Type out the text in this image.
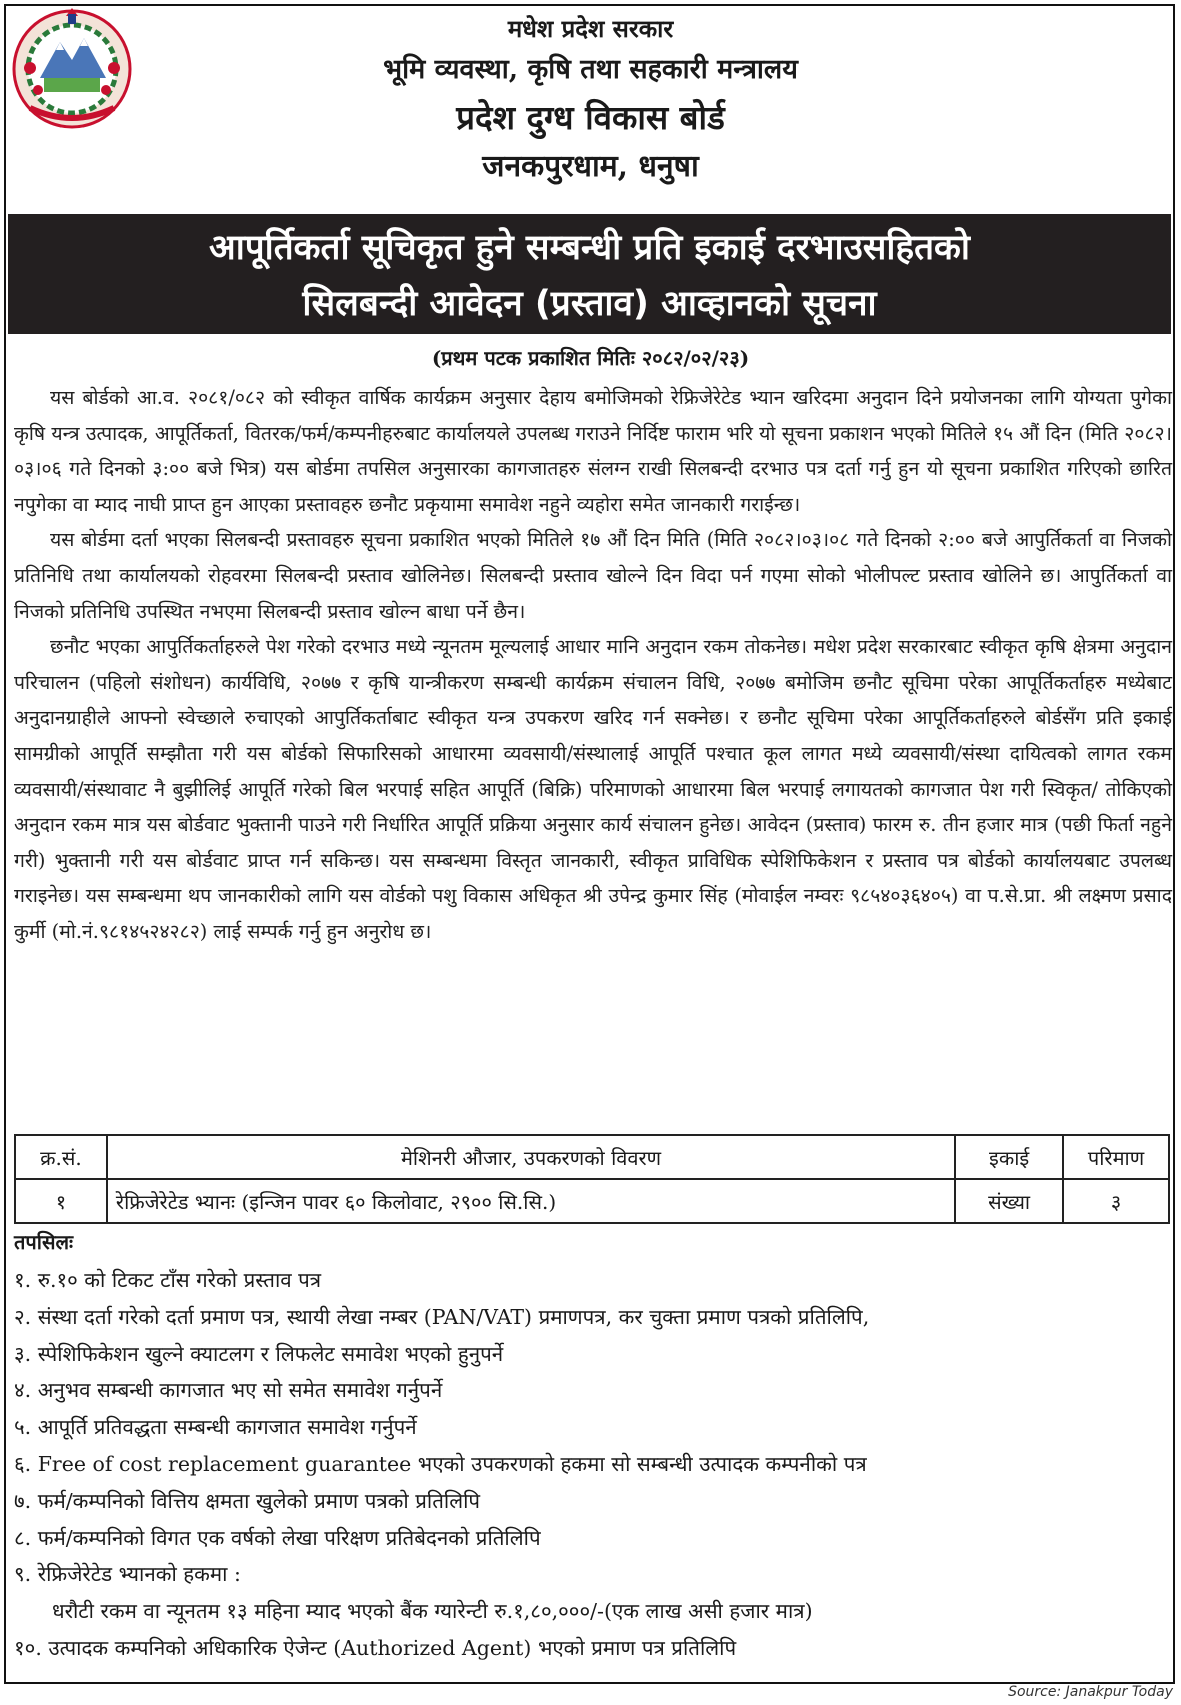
मधेश प्रदेश सरकार
भूमि व्यवस्था, कृषि तथा सहकारी मन्त्रालय
प्रदेश दुग्ध विकास बोर्ड
जनकपुरधाम, धनुषा
आपूर्तिकर्ता सूचिकृत हुने सम्बन्धी प्रति इकाई दरभाउसहितको
सिलबन्दी आवेदन (प्रस्ताव) आव्हानको सूचना
(प्रथम पटक प्रकाशित मितिः २०८२/०२/२३)

यस बोर्डको आ.व. २०८१/०८२ को स्वीकृत वार्षिक कार्यक्रम अनुसार देहाय बमोजिमको रेफ्रिजेरेटेड भ्यान खरिदमा अनुदान दिने प्रयोजनका लागि योग्यता पुगेका कृषि यन्त्र उत्पादक, आपूर्तिकर्ता, वितरक/फर्म/कम्पनीहरुबाट कार्यालयले उपलब्ध गराउने निर्दिष्ट फाराम भरि यो सूचना प्रकाशन भएको मितिले १५ औं दिन (मिति २०८२।०३।०६ गते दिनको ३:०० बजे भित्र) यस बोर्डमा तपसिल अनुसारका कागजातहरु संलग्न राखी सिलबन्दी दरभाउ पत्र दर्ता गर्नु हुन यो सूचना प्रकाशित गरिएको छारित नपुगेका वा म्याद नाघी प्राप्त हुन आएका प्रस्तावहरु छनौट प्रकृयामा समावेश नहुने व्यहोरा समेत जानकारी गराईन्छ।

यस बोर्डमा दर्ता भएका सिलबन्दी प्रस्तावहरु सूचना प्रकाशित भएको मितिले १७ औं दिन मिति (मिति २०८२।०३।०८ गते दिनको २:०० बजे आपुर्तिकर्ता वा निजको प्रतिनिधि तथा कार्यालयको रोहवरमा सिलबन्दी प्रस्ताव खोलिनेछ। सिलबन्दी प्रस्ताव खोल्ने दिन विदा पर्न गएमा सोको भोलीपल्ट प्रस्ताव खोलिने छ। आपुर्तिकर्ता वा निजको प्रतिनिधि उपस्थित नभएमा सिलबन्दी प्रस्ताव खोल्न बाधा पर्ने छैन।

छनौट भएका आपुर्तिकर्ताहरुले पेश गरेको दरभाउ मध्ये न्यूनतम मूल्यलाई आधार मानि अनुदान रकम तोकनेछ। मधेश प्रदेश सरकारबाट स्वीकृत कृषि क्षेत्रमा अनुदान परिचालन (पहिलो संशोधन) कार्यविधि, २०७७ र कृषि यान्त्रीकरण सम्बन्धी कार्यक्रम संचालन विधि, २०७७ बमोजिम छनौट सूचिमा परेका आपूर्तिकर्ताहरु मध्येबाट अनुदानग्राहीले आफ्नो स्वेच्छाले रुचाएको आपुर्तिकर्ताबाट स्वीकृत यन्त्र उपकरण खरिद गर्न सक्नेछ। र छनौट सूचिमा परेका आपूर्तिकर्ताहरुले बोर्डसँग प्रति इकाई सामग्रीको आपूर्ति सम्झौता गरी यस बोर्डको सिफारिसको आधारमा व्यवसायी/संस्थालाई आपूर्ति पश्चात कूल लागत मध्ये व्यवसायी/संस्था दायित्वको लागत रकम व्यवसायी/संस्थावाट नै बुझीलिई आपूर्ति गरेको बिल भरपाई सहित आपूर्ति (बिक्रि) परिमाणको आधारमा बिल भरपाई लगायतको कागजात पेश गरी स्विकृत/ तोकिएको अनुदान रकम मात्र यस बोर्डवाट भुक्तानी पाउने गरी निर्धारित आपूर्ति प्रक्रिया अनुसार कार्य संचालन हुनेछ। आवेदन (प्रस्ताव) फारम रु. तीन हजार मात्र (पछी फिर्ता नहुने गरी) भुक्तानी गरी यस बोर्डवाट प्राप्त गर्न सकिन्छ। यस सम्बन्धमा विस्तृत जानकारी, स्वीकृत प्राविधिक स्पेशिफिकेशन र प्रस्ताव पत्र बोर्डको कार्यालयबाट उपलब्ध गराइनेछ। यस सम्बन्धमा थप जानकारीको लागि यस वोर्डको पशु विकास अधिकृत श्री उपेन्द्र कुमार सिंह (मोवाईल नम्वरः ९८५४०३६४०५) वा प.से.प्रा. श्री लक्ष्मण प्रसाद कुर्मी (मो.नं.९८१४५२४२८२) लाई सम्पर्क गर्नु हुन अनुरोध छ।

क्र.सं.	मेशिनरी औजार, उपकरणको विवरण	इकाई	परिमाण
१	रेफ्रिजेरेटेड भ्यानः (इन्जिन पावर ६० किलोवाट, २९०० सि.सि.)	संख्या	३
तपसिलः
१. रु.१० को टिकट टाँस गरेको प्रस्ताव पत्र
२. संस्था दर्ता गरेको दर्ता प्रमाण पत्र, स्थायी लेखा नम्बर (PAN/VAT) प्रमाणपत्र, कर चुक्ता प्रमाण पत्रको प्रतिलिपि,
३. स्पेशिफिकेशन खुल्ने क्याटलग र लिफलेट समावेश भएको हुनुपर्ने
४. अनुभव सम्बन्धी कागजात भए सो समेत समावेश गर्नुपर्ने
५. आपूर्ति प्रतिवद्धता सम्बन्धी कागजात समावेश गर्नुपर्ने
६. Free of cost replacement guarantee भएको उपकरणको हकमा सो सम्बन्धी उत्पादक कम्पनीको पत्र
७. फर्म/कम्पनिको वित्तिय क्षमता खुलेको प्रमाण पत्रको प्रतिलिपि
८. फर्म/कम्पनिको विगत एक वर्षको लेखा परिक्षण प्रतिबेदनको प्रतिलिपि
९. रेफ्रिजेरेटेड भ्यानको हकमा :
धरौटी रकम वा न्यूनतम १३ महिना म्याद भएको बैंक ग्यारेन्टी रु.१,८०,०००/-(एक लाख असी हजार मात्र)
१०. उत्पादक कम्पनिको अधिकारिक ऐजेन्ट (Authorized Agent) भएको प्रमाण पत्र प्रतिलिपि
Source: Janakpur Today
